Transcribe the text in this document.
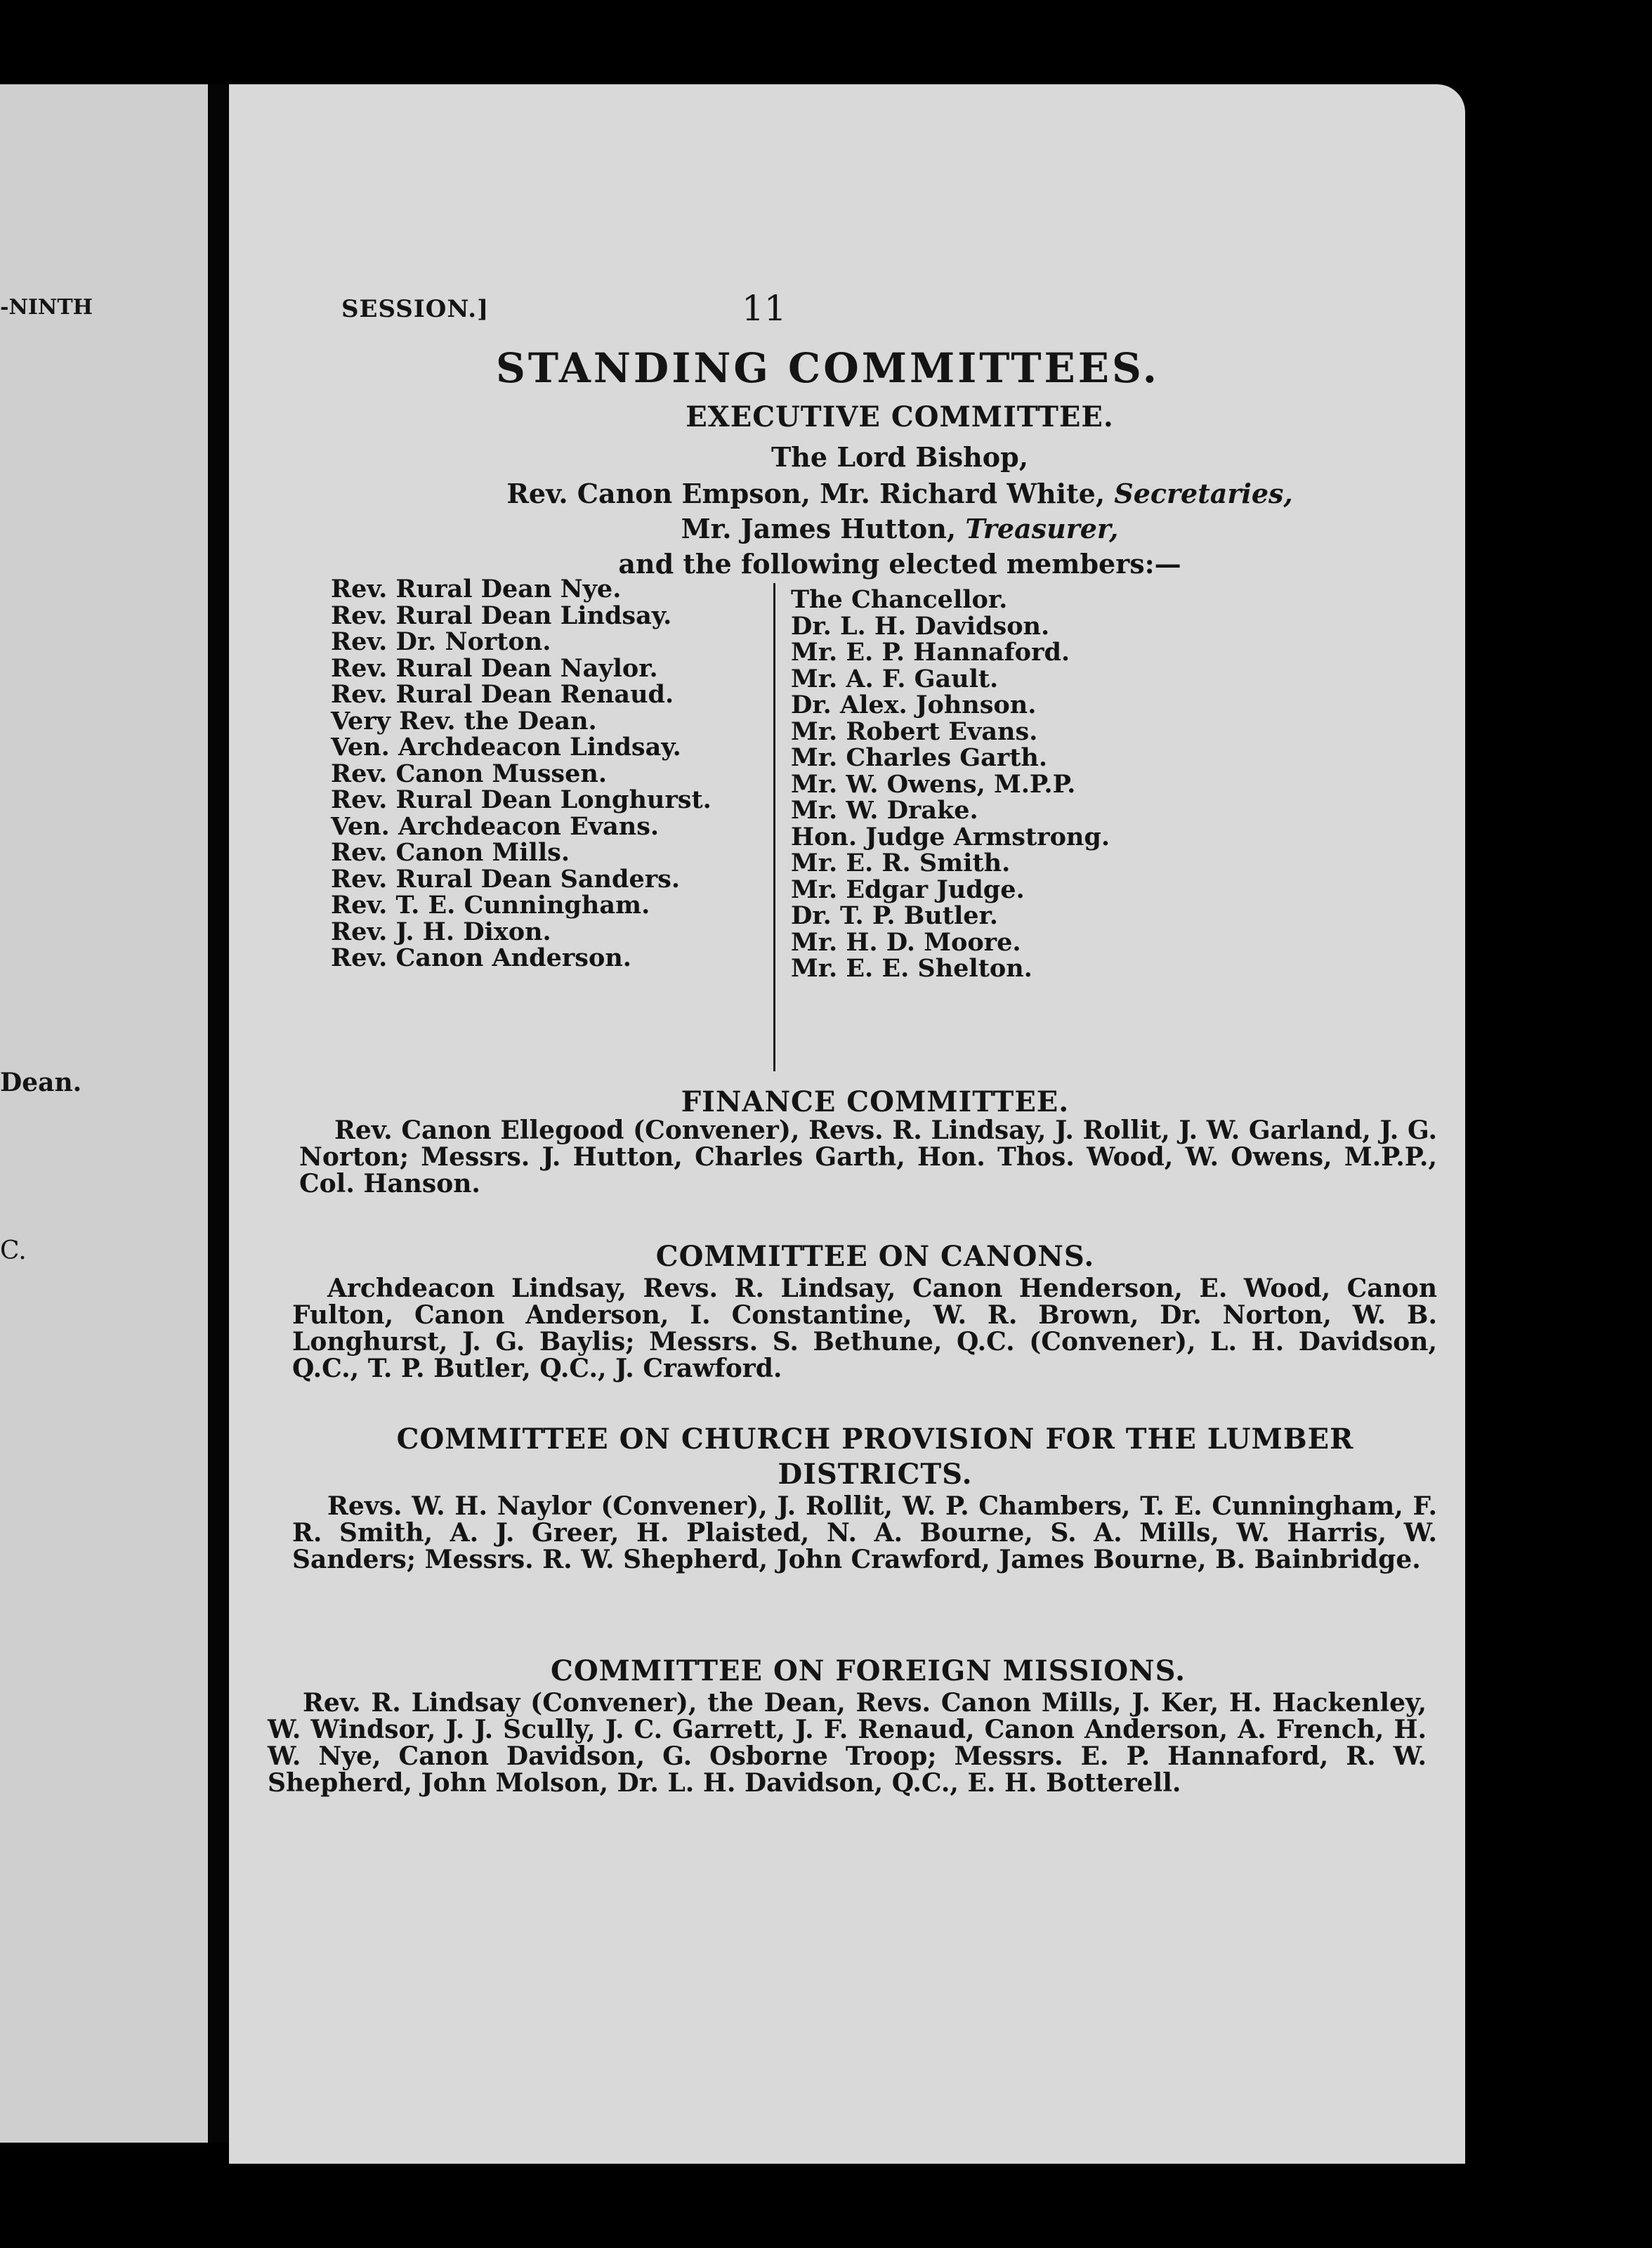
-NINTH
Dean.
C.
SESSION.]	11
STANDING COMMITTEES.
EXECUTIVE COMMITTEE.
The Lord Bishop,
Rev. Canon Empson, Mr. Richard White, Secretaries,
Mr. James Hutton, Treasurer,
and the following elected members:—
Rev. Rural Dean Nye.
Rev. Rural Dean Lindsay.
Rev. Dr. Norton.
Rev. Rural Dean Naylor.
Rev. Rural Dean Renaud.
Very Rev. the Dean.
Ven. Archdeacon Lindsay.
Rev. Canon Mussen.
Rev. Rural Dean Longhurst.
Ven. Archdeacon Evans.
Rev. Canon Mills.
Rev. Rural Dean Sanders.
Rev. T. E. Cunningham.
Rev. J. H. Dixon.
Rev. Canon Anderson.
The Chancellor.
Dr. L. H. Davidson.
Mr. E. P. Hannaford.
Mr. A. F. Gault.
Dr. Alex. Johnson.
Mr. Robert Evans.
Mr. Charles Garth.
Mr. W. Owens, M.P.P.
Mr. W. Drake.
Hon. Judge Armstrong.
Mr. E. R. Smith.
Mr. Edgar Judge.
Dr. T. P. Butler.
Mr. H. D. Moore.
Mr. E. E. Shelton.
FINANCE COMMITTEE.
Rev. Canon Ellegood (Convener), Revs. R. Lindsay, J. Rollit, J. W. Garland, J. G. Norton; Messrs. J. Hutton, Charles Garth, Hon. Thos. Wood, W. Owens, M.P.P., Col. Hanson.
COMMITTEE ON CANONS.
Archdeacon Lindsay, Revs. R. Lindsay, Canon Henderson, E. Wood, Canon Fulton, Canon Anderson, I. Constantine, W. R. Brown, Dr. Norton, W. B. Longhurst, J. G. Baylis; Messrs. S. Bethune, Q.C. (Convener), L. H. Davidson, Q.C., T. P. Butler, Q.C., J. Crawford.
COMMITTEE ON CHURCH PROVISION FOR THE LUMBER
DISTRICTS.
Revs. W. H. Naylor (Convener), J. Rollit, W. P. Chambers, T. E. Cunningham, F. R. Smith, A. J. Greer, H. Plaisted, N. A. Bourne, S. A. Mills, W. Harris, W. Sanders; Messrs. R. W. Shepherd, John Crawford, James Bourne, B. Bainbridge.
COMMITTEE ON FOREIGN MISSIONS.
Rev. R. Lindsay (Convener), the Dean, Revs. Canon Mills, J. Ker, H. Hackenley, W. Windsor, J. J. Scully, J. C. Garrett, J. F. Renaud, Canon Anderson, A. French, H. W. Nye, Canon Davidson, G. Osborne Troop; Messrs. E. P. Hannaford, R. W. Shepherd, John Molson, Dr. L. H. Davidson, Q.C., E. H. Botterell.
